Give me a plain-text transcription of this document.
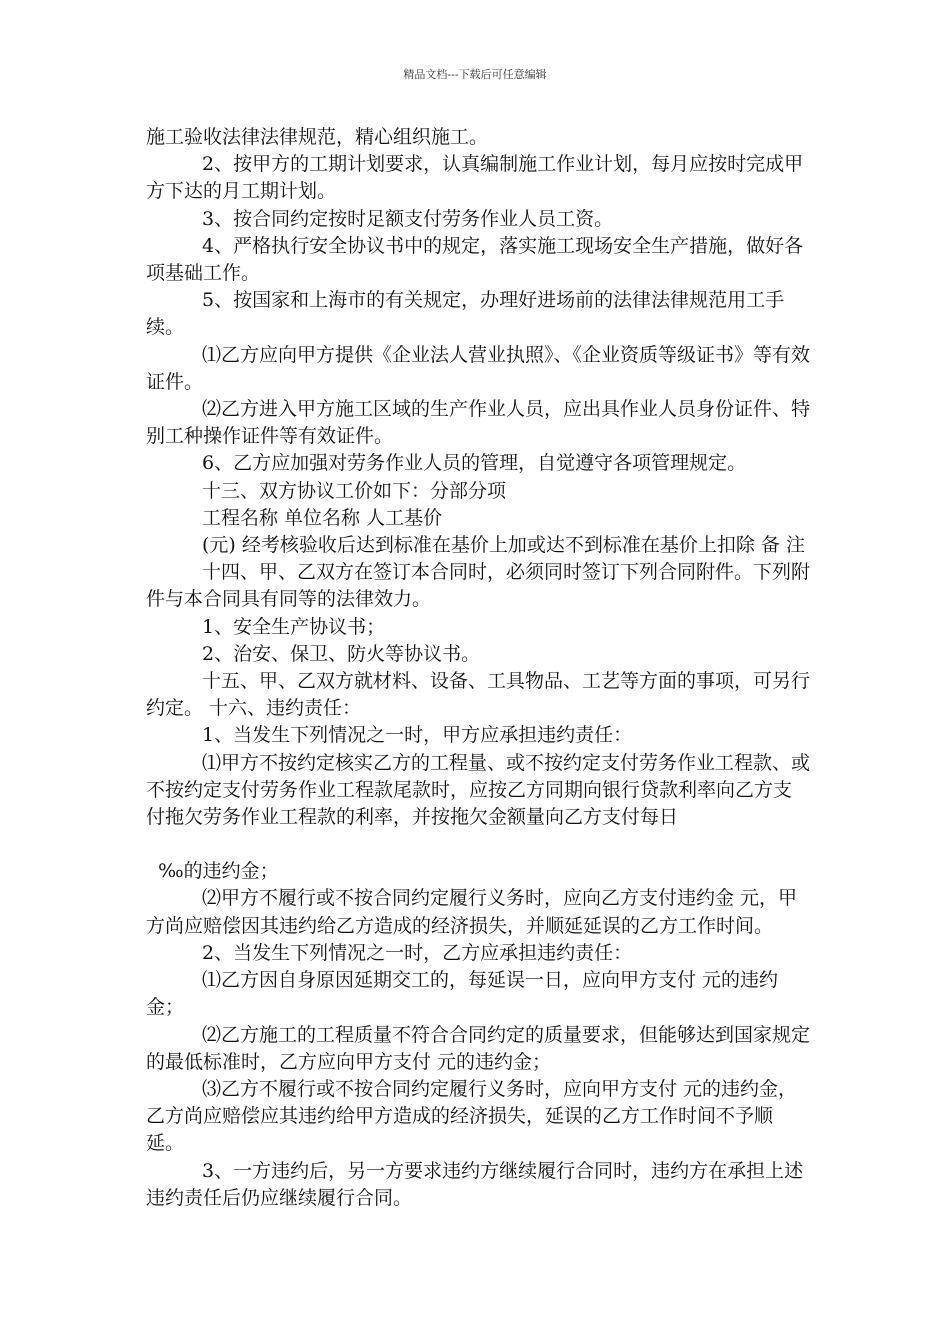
精品文档---下载后可任意编辑

施工验收法律法律规范，精心组织施工。

2、按甲方的工期计划要求，认真编制施工作业计划，每月应按时完成甲方下达的月工期计划。

3、按合同约定按时足额支付劳务作业人员工资。

4、严格执行安全协议书中的规定，落实施工现场安全生产措施，做好各项基础工作。

5、按国家和上海市的有关规定，办理好进场前的法律法律规范用工手续。

⑴乙方应向甲方提供《企业法人营业执照》、《企业资质等级证书》等有效证件。

⑵乙方进入甲方施工区域的生产作业人员，应出具作业人员身份证件、特别工种操作证件等有效证件。

6、乙方应加强对劳务作业人员的管理，自觉遵守各项管理规定。

十三、双方协议工价如下：分部分项

工程名称 单位名称 人工基价

(元) 经考核验收后达到标准在基价上加或达不到标准在基价上扣除 备 注

十四、甲、乙双方在签订本合同时，必须同时签订下列合同附件。下列附件与本合同具有同等的法律效力。

1、安全生产协议书；

2、治安、保卫、防火等协议书。

十五、甲、乙双方就材料、设备、工具物品、工艺等方面的事项，可另行约定。 十六、违约责任：

1、当发生下列情况之一时，甲方应承担违约责任：

⑴甲方不按约定核实乙方的工程量、或不按约定支付劳务作业工程款、或不按约定支付劳务作业工程款尾款时，应按乙方同期向银行贷款利率向乙方支付拖欠劳务作业工程款的利率，并按拖欠金额量向乙方支付每日

‰的违约金；

⑵甲方不履行或不按合同约定履行义务时，应向乙方支付违约金 元，甲方尚应赔偿因其违约给乙方造成的经济损失，并顺延延误的乙方工作时间。

2、当发生下列情况之一时，乙方应承担违约责任：

⑴乙方因自身原因延期交工的，每延误一日，应向甲方支付 元的违约金；

⑵乙方施工的工程质量不符合合同约定的质量要求，但能够达到国家规定的最低标准时，乙方应向甲方支付 元的违约金；

⑶乙方不履行或不按合同约定履行义务时，应向甲方支付 元的违约金，乙方尚应赔偿应其违约给甲方造成的经济损失，延误的乙方工作时间不予顺延。

3、一方违约后，另一方要求违约方继续履行合同时，违约方在承担上述违约责任后仍应继续履行合同。
